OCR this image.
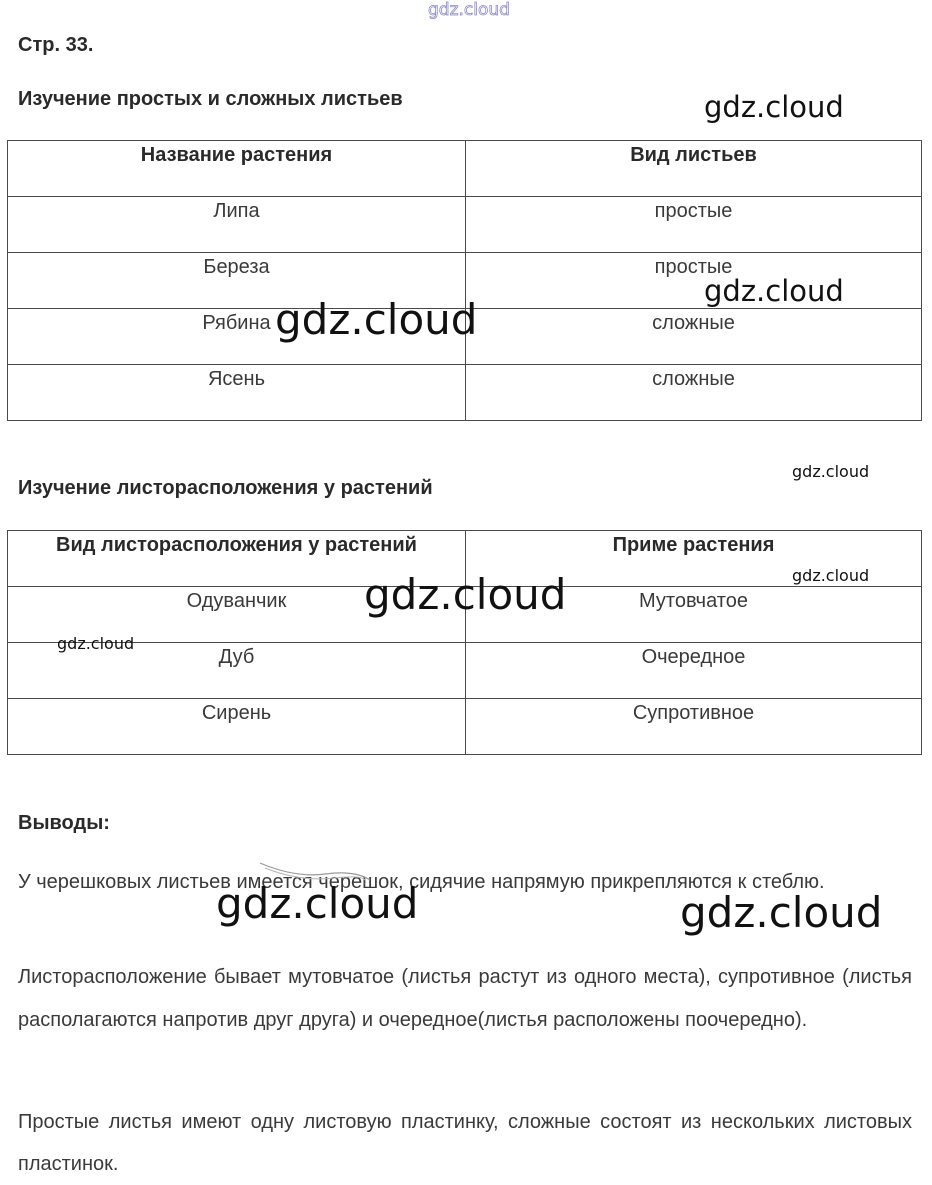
gdz.cloud
Стр. 33.
Изучение простых и сложных листьев
Название растения	Вид листьев

Липа	простые

Береза	простые

Рябина	сложные

Ясень	сложные
Изучение листорасположения у растений
Вид листорасположения у растений	Приме растения

Одуванчик	Мутовчатое

Дуб	Очередное

Сирень	Супротивное
Выводы:
У черешковых листьев имеется черешок, сидячие напрямую прикрепляются к стеблю.
Листорасположение бывает мутовчатое (листья растут из одного места), супротивное (листья располагаются напротив друг друга) и очередное(листья расположены поочередно).
Простые листья имеют одну листовую пластинку, сложные состоят из нескольких листовых пластинок.
gdz.cloud
gdz.cloud
gdz.cloud
gdz.cloud
gdz.cloud
gdz.cloud
gdz.cloud
gdz.cloud	gdz.cloud
